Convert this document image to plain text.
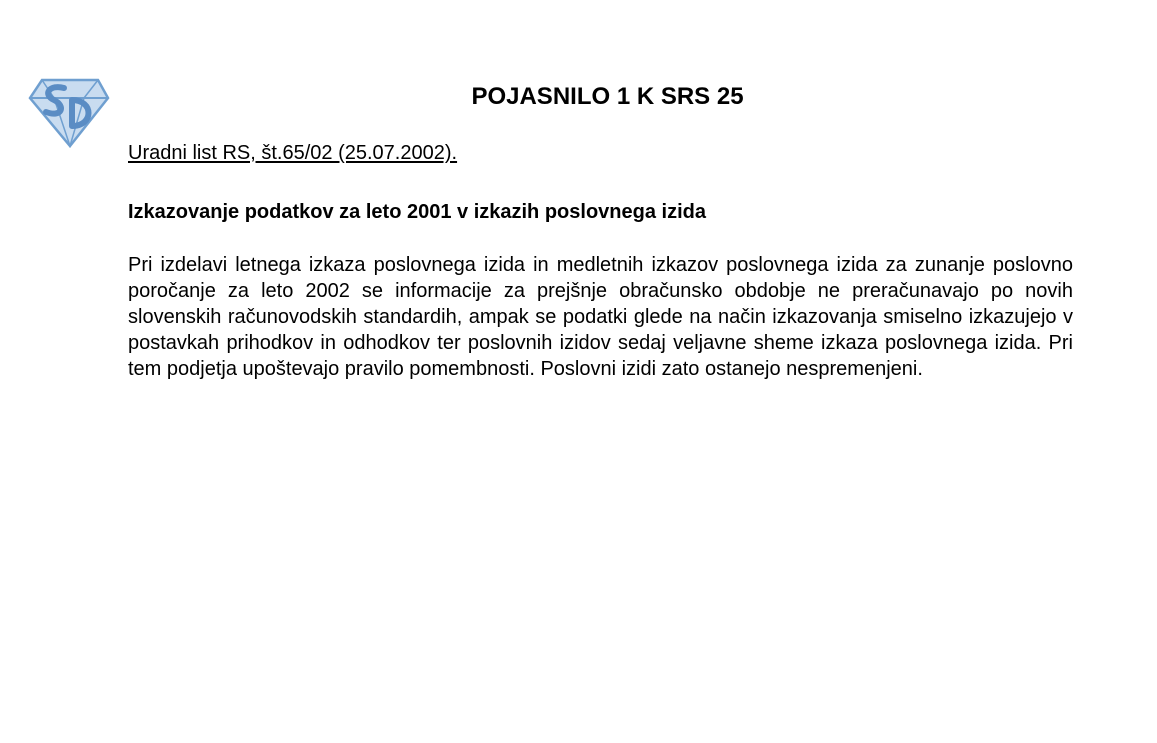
POJASNILO 1 K SRS 25
Uradni list RS, št.65/02 (25.07.2002).
Izkazovanje podatkov za leto 2001 v izkazih poslovnega izida

Pri izdelavi letnega izkaza poslovnega izida in medletnih izkazov poslovnega izida za zunanje poslovno poročanje za leto 2002 se informacije za prejšnje obračunsko obdobje ne preračunavajo po novih slovenskih računovodskih standardih, ampak se podatki glede na način izkazovanja smiselno izkazujejo v postavkah prihodkov in odhodkov ter poslovnih izidov sedaj veljavne sheme izkaza poslovnega izida. Pri tem podjetja upoštevajo pravilo pomembnosti. Poslovni izidi zato ostanejo nespremenjeni.
